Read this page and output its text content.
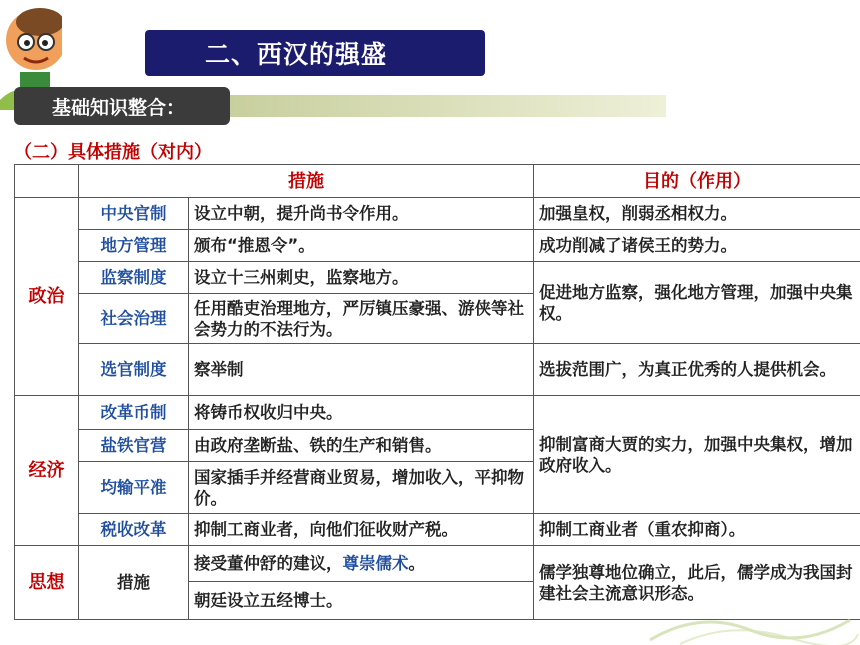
二、西汉的强盛
基础知识整合：
（二）具体措施（对内）
	措施		目的（作用）
政治	中央官制	设立中朝，提升尚书令作用。	加强皇权，削弱丞相权力。
	地方管理	颁布“推恩令”。	成功削减了诸侯王的势力。
	监察制度	设立十三州刺史，监察地方。	促进地方监察，强化地方管理，加强中央集权。
	社会治理	任用酷吏治理地方，严厉镇压豪强、游侠等社会势力的不法行为。	
	选官制度	察举制	选拔范围广，为真正优秀的人提供机会。
经济	改革币制	将铸币权收归中央。	抑制富商大贾的实力，加强中央集权，增加政府收入。
	盐铁官营	由政府垄断盐、铁的生产和销售。	
	均输平准	国家插手并经营商业贸易，增加收入，平抑物价。	
	税收改革	抑制工商业者，向他们征收财产税。	抑制工商业者（重农抑商）。
思想	措施	接受董仲舒的建议，尊崇儒术。	儒学独尊地位确立，此后，儒学成为我国封建社会主流意识形态。
		朝廷设立五经博士。	
